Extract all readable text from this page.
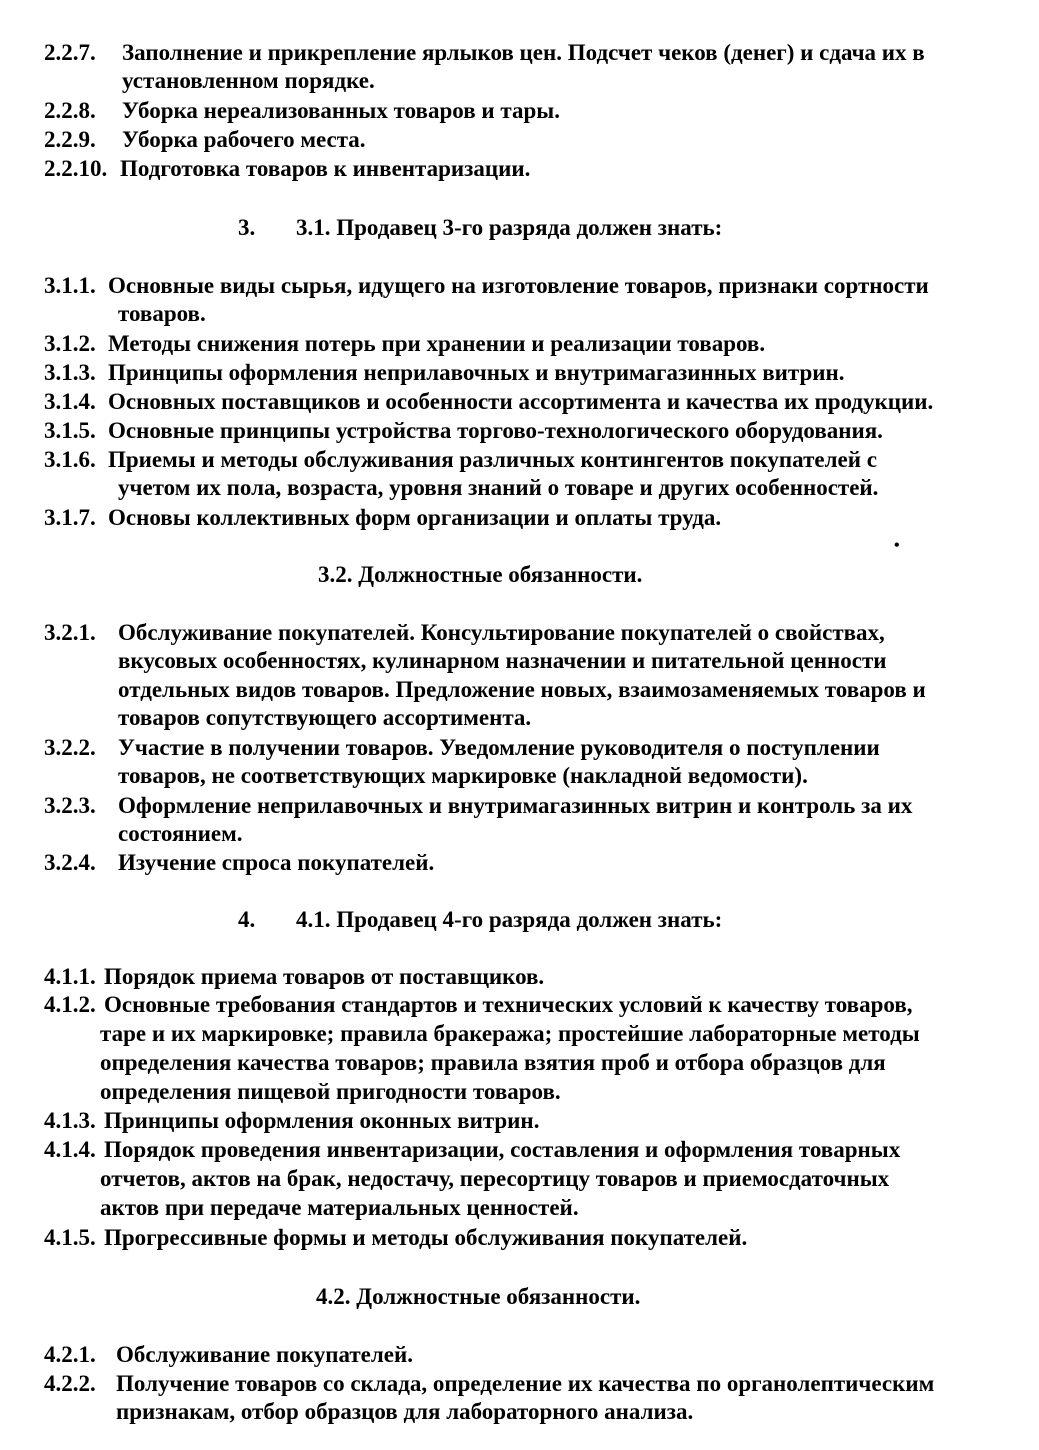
2.2.7. Заполнение и прикрепление ярлыков цен. Подсчет чеков (денег) и сдача их в
установленном порядке.
2.2.8. Уборка нереализованных товаров и тары.
2.2.9. Уборка рабочего места.
2.2.10. Подготовка товаров к инвентаризации.
3. 3.1. Продавец 3-го разряда должен знать:
3.1.1. Основные виды сырья, идущего на изготовление товаров, признаки сортности
товаров.
3.1.2. Методы снижения потерь при хранении и реализации товаров.
3.1.3. Принципы оформления неприлавочных и внутримагазинных витрин.
3.1.4. Основных поставщиков и особенности ассортимента и качества их продукции.
3.1.5. Основные принципы устройства торгово-технологического оборудования.
3.1.6. Приемы и методы обслуживания различных контингентов покупателей с
учетом их пола, возраста, уровня знаний о товаре и других особенностей.
3.1.7. Основы коллективных форм организации и оплаты труда.
3.2. Должностные обязанности.
3.2.1. Обслуживание покупателей. Консультирование покупателей о свойствах,
вкусовых особенностях, кулинарном назначении и питательной ценности
отдельных видов товаров. Предложение новых, взаимозаменяемых товаров и
товаров сопутствующего ассортимента.
3.2.2. Участие в получении товаров. Уведомление руководителя о поступлении
товаров, не соответствующих маркировке (накладной ведомости).
3.2.3. Оформление неприлавочных и внутримагазинных витрин и контроль за их
состоянием.
3.2.4. Изучение спроса покупателей.
4. 4.1. Продавец 4-го разряда должен знать:
4.1.1. Порядок приема товаров от поставщиков.
4.1.2. Основные требования стандартов и технических условий к качеству товаров,
таре и их маркировке; правила бракеража; простейшие лабораторные методы
определения качества товаров; правила взятия проб и отбора образцов для
определения пищевой пригодности товаров.
4.1.3. Принципы оформления оконных витрин.
4.1.4. Порядок проведения инвентаризации, составления и оформления товарных
отчетов, актов на брак, недостачу, пересортицу товаров и приемосдаточных
актов при передаче материальных ценностей.
4.1.5. Прогрессивные формы и методы обслуживания покупателей.
4.2. Должностные обязанности.
4.2.1. Обслуживание покупателей.
4.2.2. Получение товаров со склада, определение их качества по органолептическим
признакам, отбор образцов для лабораторного анализа.
•
